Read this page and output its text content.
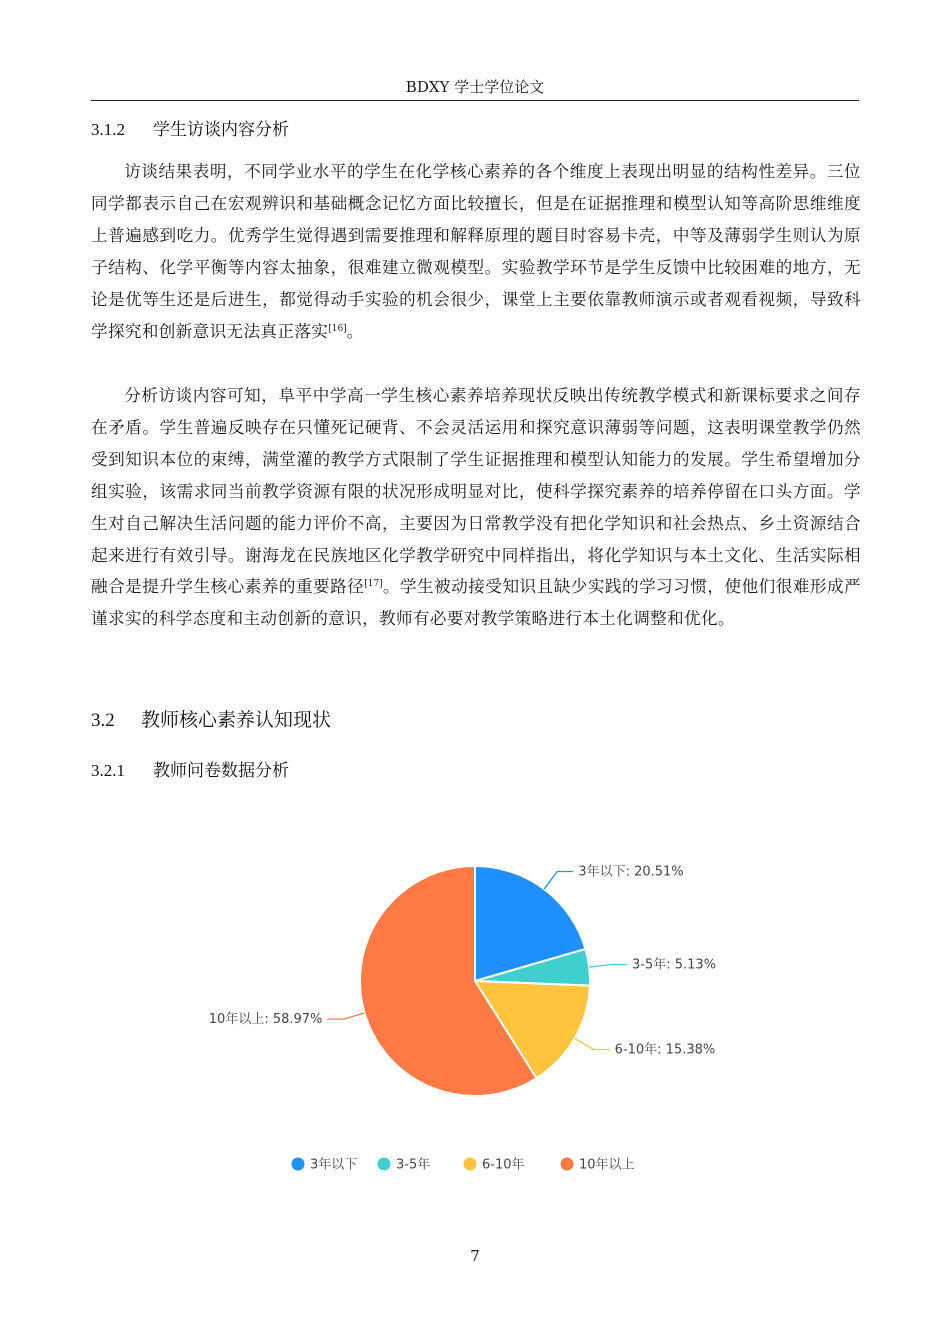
BDXY 学士学位论文
3.1.2 学生访谈内容分析

访谈结果表明，不同学业水平的学生在化学核心素养的各个维度上表现出明显的结构性差异。三位同学都表示自己在宏观辨识和基础概念记忆方面比较擅长，但是在证据推理和模型认知等高阶思维维度上普遍感到吃力。优秀学生觉得遇到需要推理和解释原理的题目时容易卡壳，中等及薄弱学生则认为原子结构、化学平衡等内容太抽象，很难建立微观模型。实验教学环节是学生反馈中比较困难的地方，无论是优等生还是后进生，都觉得动手实验的机会很少，课堂上主要依靠教师演示或者观看视频，导致科学探究和创新意识无法真正落实[16]。

分析访谈内容可知，阜平中学高一学生核心素养培养现状反映出传统教学模式和新课标要求之间存在矛盾。学生普遍反映存在只懂死记硬背、不会灵活运用和探究意识薄弱等问题，这表明课堂教学仍然受到知识本位的束缚，满堂灌的教学方式限制了学生证据推理和模型认知能力的发展。学生希望增加分组实验，该需求同当前教学资源有限的状况形成明显对比，使科学探究素养的培养停留在口头方面。学生对自己解决生活问题的能力评价不高，主要因为日常教学没有把化学知识和社会热点、乡土资源结合起来进行有效引导。谢海龙在民族地区化学教学研究中同样指出，将化学知识与本土文化、生活实际相融合是提升学生核心素养的重要路径[17]。学生被动接受知识且缺少实践的学习习惯，使他们很难形成严谨求实的科学态度和主动创新的意识，教师有必要对教学策略进行本土化调整和优化。

3.2 教师核心素养认知现状
3.2.1 教师问卷数据分析
3年以下: 20.51%
3-5年: 5.13%
6-10年: 15.38%
10年以上: 58.97%
3年以下	3-5年	6-10年	10年以上
7
